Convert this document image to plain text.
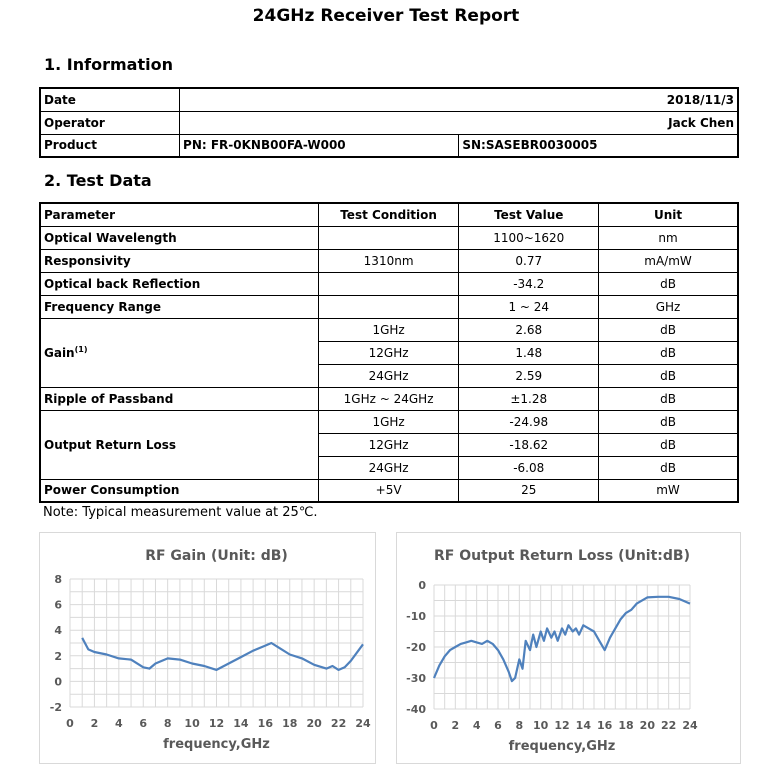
24GHz Receiver Test Report
1. Information
Date	2018/11/3	
Operator	Jack Chen	
Product	PN: FR-0KNB00FA-W000	SN:SASEBR0030005
2. Test Data
Parameter	Test Condition	Test Value	Unit
Optical Wavelength		1100~1620	nm
Responsivity	1310nm	0.77	mA/mW
Optical back Reflection		-34.2	dB
Frequency Range		1 ~ 24	GHz
Gain$^{(1)}$	1GHz	2.68	dB
	12GHz	1.48	dB
	24GHz	2.59	dB
Ripple of Passband	1GHz ~ 24GHz	±1.28	dB
Output Return Loss	1GHz	-24.98	dB
	12GHz	-18.62	dB
	24GHz	-6.08	dB
Power Consumption	+5V	25	mW
Note: Typical measurement value at 25℃.
RF Gain (Unit: dB)
-2
0
2
4
6
8
0 2 4 6 8 10 12 14 16 18 20 22 24
frequency,GHz
RF Output Return Loss (Unit:dB)
-40
-30
-20
-10
0
0 2 4 6 8 10 12 14 16 18 20 22 24
frequency,GHz
